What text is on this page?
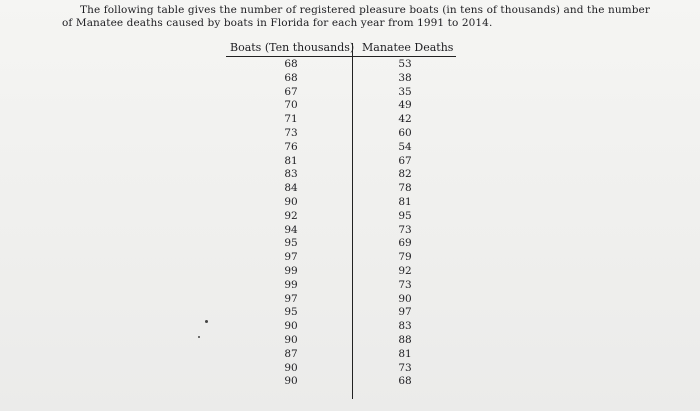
The following table gives the number of registered pleasure boats (in tens of thousands) and the number
of Manatee deaths caused by boats in Florida for each year from 1991 to 2014.
Boats (Ten thousands) Manatee Deaths
68
68
67
70
71
73
76
81
83
84
90
92
94
95
97
99
99
97
95
90
90
87
90
90
53
38
35
49
42
60
54
67
82
78
81
95
73
69
79
92
73
90
97
83
88
81
73
68
